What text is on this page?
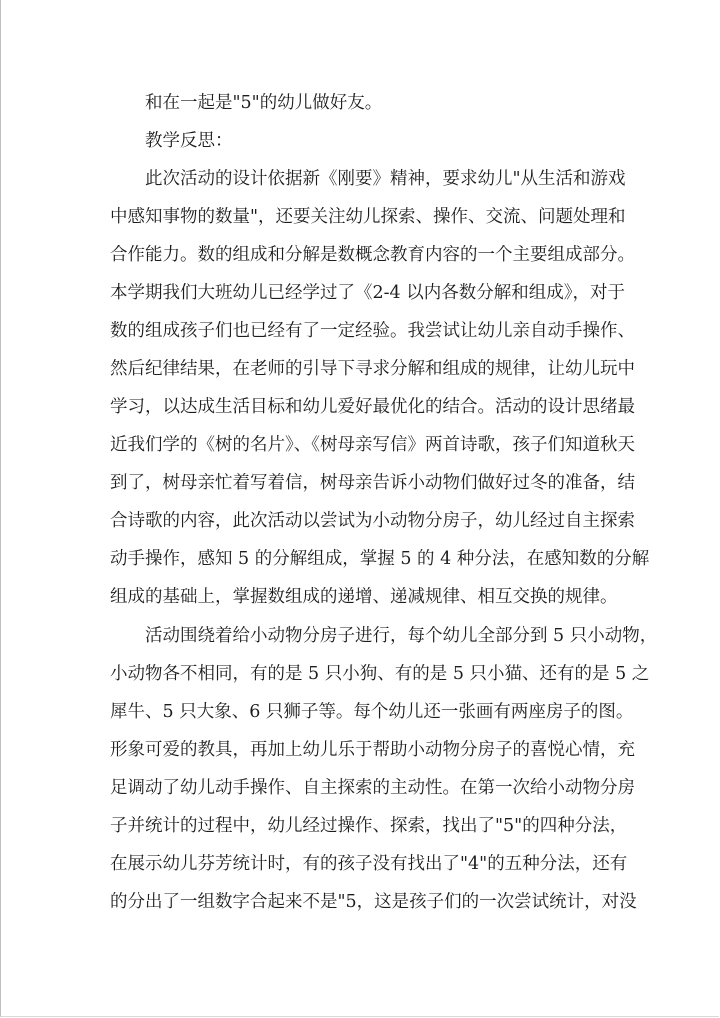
和在一起是"5"的幼儿做好友。
教学反思：
此次活动的设计依据新《刚要》精神，要求幼儿"从生活和游戏
中感知事物的数量"，还要关注幼儿探索、操作、交流、问题处理和
合作能力。数的组成和分解是数概念教育内容的一个主要组成部分。
本学期我们大班幼儿已经学过了《2-4 以内各数分解和组成》，对于
数的组成孩子们也已经有了一定经验。我尝试让幼儿亲自动手操作、
然后纪律结果，在老师的引导下寻求分解和组成的规律，让幼儿玩中
学习，以达成生活目标和幼儿爱好最优化的结合。活动的设计思绪最
近我们学的《树的名片》、《树母亲写信》两首诗歌，孩子们知道秋天
到了，树母亲忙着写着信，树母亲告诉小动物们做好过冬的准备，结
合诗歌的内容，此次活动以尝试为小动物分房子，幼儿经过自主探索
动手操作，感知 5 的分解组成，掌握 5 的 4 种分法，在感知数的分解
组成的基础上，掌握数组成的递增、递减规律、相互交换的规律。
活动围绕着给小动物分房子进行，每个幼儿全部分到 5 只小动物，
小动物各不相同，有的是 5 只小狗、有的是 5 只小猫、还有的是 5 之
犀牛、5 只大象、6 只狮子等。每个幼儿还一张画有两座房子的图。
形象可爱的教具，再加上幼儿乐于帮助小动物分房子的喜悦心情，充
足调动了幼儿动手操作、自主探索的主动性。在第一次给小动物分房
子并统计的过程中，幼儿经过操作、探索，找出了"5"的四种分法，
在展示幼儿芬芳统计时，有的孩子没有找出了"4"的五种分法，还有
的分出了一组数字合起来不是"5，这是孩子们的一次尝试统计，对没
